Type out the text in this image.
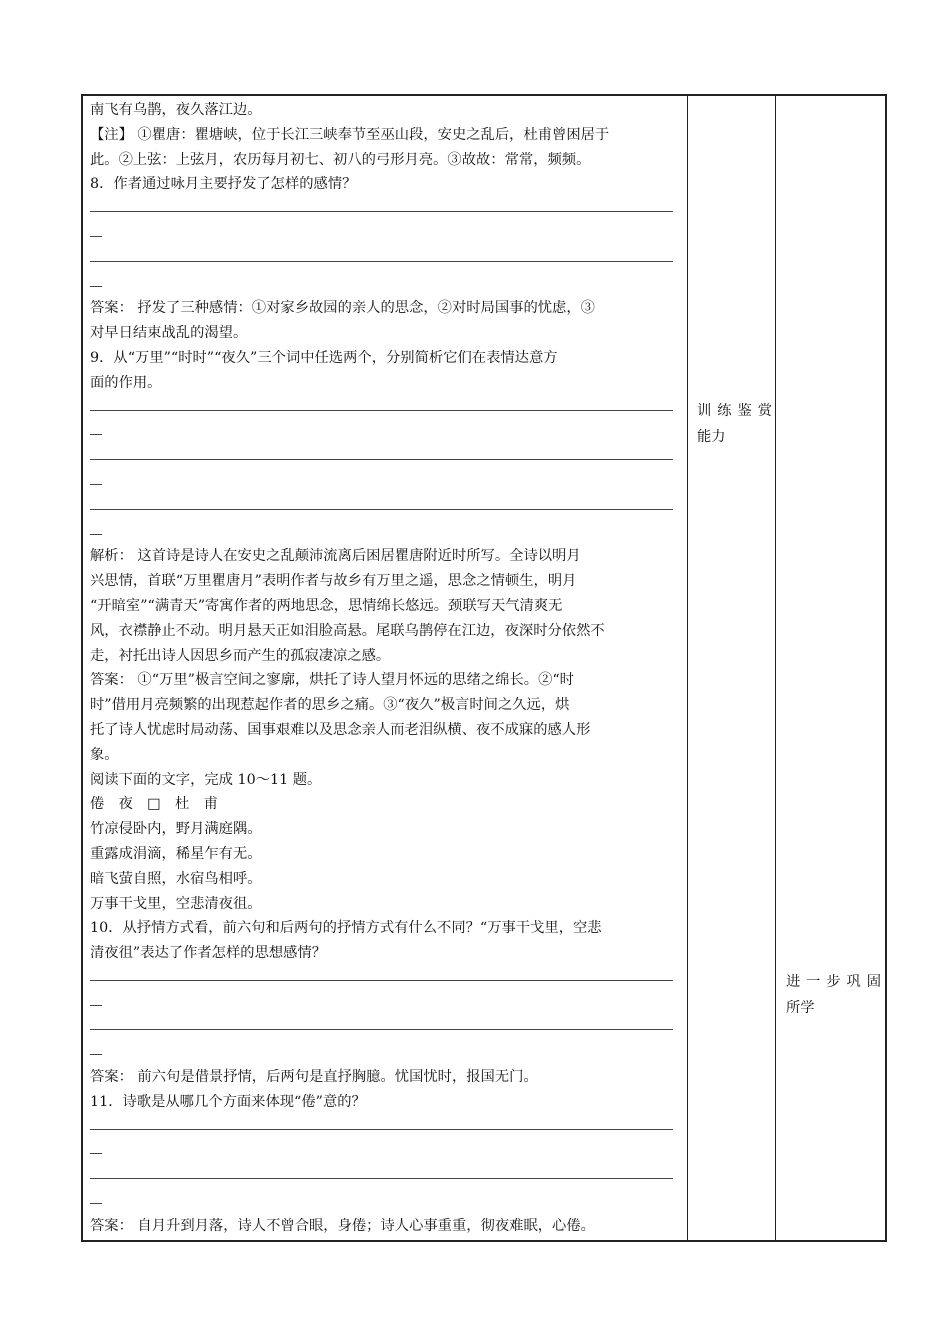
南飞有乌鹊，夜久落江边。
【注】 ①瞿唐：瞿塘峡，位于长江三峡奉节至巫山段，安史之乱后，杜甫曾困居于
此。②上弦：上弦月，农历每月初七、初八的弓形月亮。③故故：常常，频频。
8．作者通过咏月主要抒发了怎样的感情？
答案： 抒发了三种感情：①对家乡故园的亲人的思念，②对时局国事的忧虑，③
对早日结束战乱的渴望。
9．从“万里”“时时”“夜久”三个词中任选两个，分别简析它们在表情达意方
面的作用。
解析： 这首诗是诗人在安史之乱颠沛流离后困居瞿唐附近时所写。全诗以明月
兴思情，首联“万里瞿唐月”表明作者与故乡有万里之遥，思念之情顿生，明月
“开暗室”“满青天”寄寓作者的两地思念，思情绵长悠远。颈联写天气清爽无
风，衣襟静止不动。明月悬天正如泪脸高悬。尾联乌鹊停在江边，夜深时分依然不
走，衬托出诗人因思乡而产生的孤寂凄凉之感。
答案： ①“万里”极言空间之寥廓，烘托了诗人望月怀远的思绪之绵长。②“时
时”借用月亮频繁的出现惹起作者的思乡之痛。③“夜久”极言时间之久远，烘
托了诗人忧虑时局动荡、国事艰难以及思念亲人而老泪纵横、夜不成寐的感人形
象。
阅读下面的文字，完成 10～11 题。
倦　夜　□　杜　甫
竹凉侵卧内，野月满庭隅。
重露成涓滴，稀星乍有无。
暗飞萤自照，水宿鸟相呼。
万事干戈里，空悲清夜徂。
10．从抒情方式看，前六句和后两句的抒情方式有什么不同？“万事干戈里，空悲
清夜徂”表达了作者怎样的思想感情？
答案： 前六句是借景抒情，后两句是直抒胸臆。忧国忧时，报国无门。
11．诗歌是从哪几个方面来体现“倦”意的？
答案： 自月升到月落，诗人不曾合眼，身倦；诗人心事重重，彻夜难眠，心倦。
训练鉴赏
能力
进一步巩固
所学
